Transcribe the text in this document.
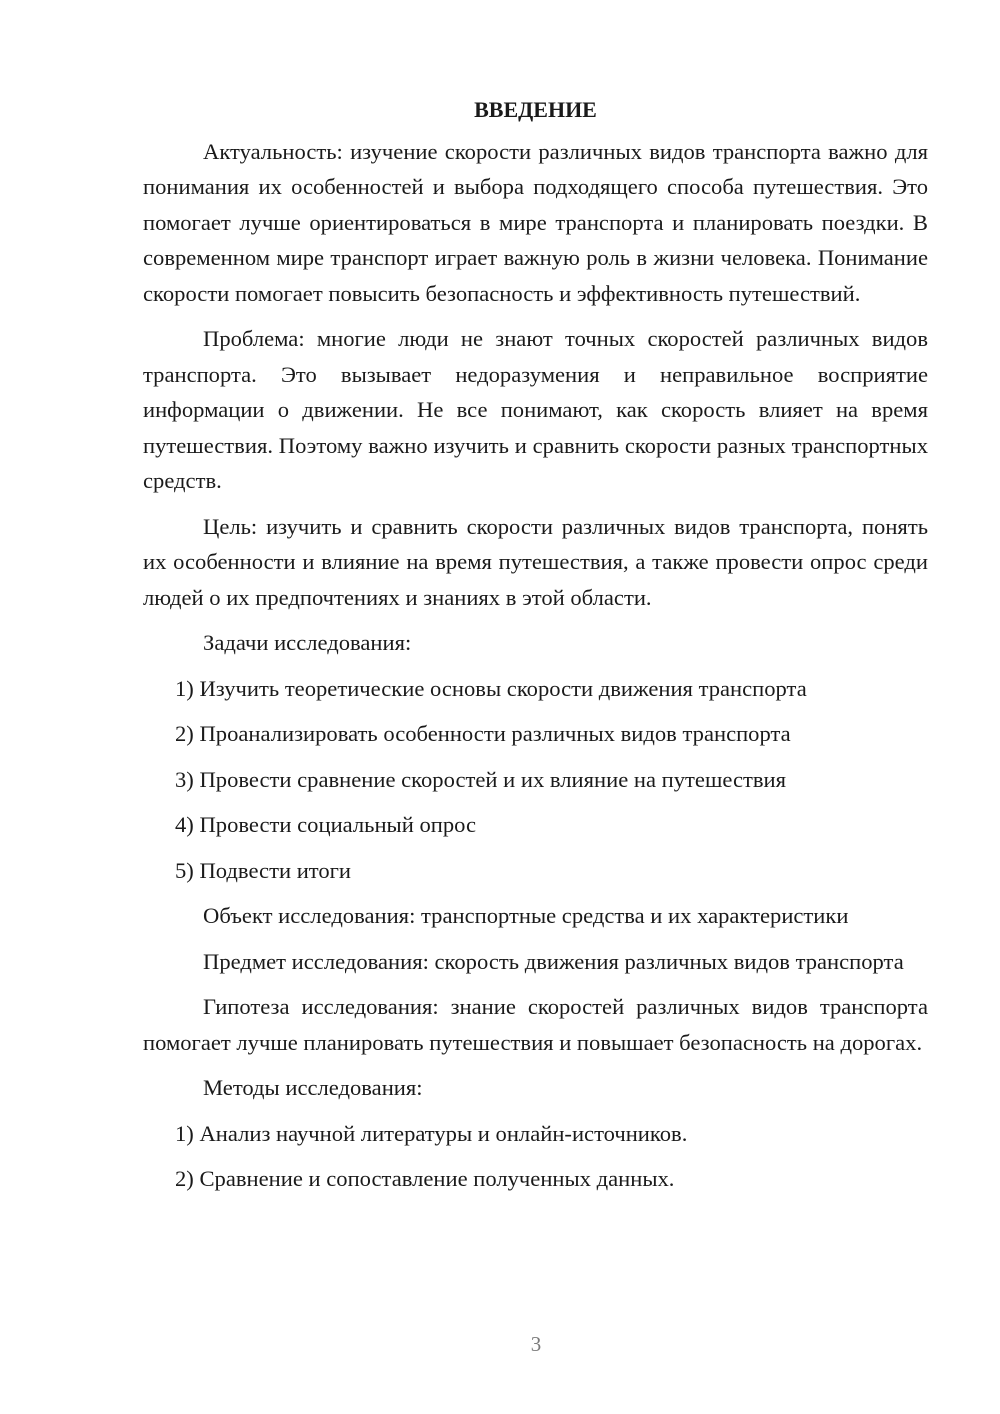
ВВЕДЕНИЕ

Актуальность: изучение скорости различных видов транспорта важно для понимания их особенностей и выбора подходящего способа путешествия. Это помогает лучше ориентироваться в мире транспорта и планировать поездки. В современном мире транспорт играет важную роль в жизни человека. Понимание скорости помогает повысить безопасность и эффективность путешествий.

Проблема: многие люди не знают точных скоростей различных видов транспорта. Это вызывает недоразумения и неправильное восприятие информации о движении. Не все понимают, как скорость влияет на время путешествия. Поэтому важно изучить и сравнить скорости разных транспортных средств.

Цель: изучить и сравнить скорости различных видов транспорта, понять их особенности и влияние на время путешествия, а также провести опрос среди людей о их предпочтениях и знаниях в этой области.

Задачи исследования:
1) Изучить теоретические основы скорости движения транспорта
2) Проанализировать особенности различных видов транспорта
3) Провести сравнение скоростей и их влияние на путешествия
4) Провести социальный опрос
5) Подвести итоги
Объект исследования: транспортные средства и их характеристики

Предмет исследования: скорость движения различных видов транспорта

Гипотеза исследования: знание скоростей различных видов транспорта помогает лучше планировать путешествия и повышает безопасность на дорогах.

Методы исследования:
1) Анализ научной литературы и онлайн-источников.
2) Сравнение и сопоставление полученных данных.
3
